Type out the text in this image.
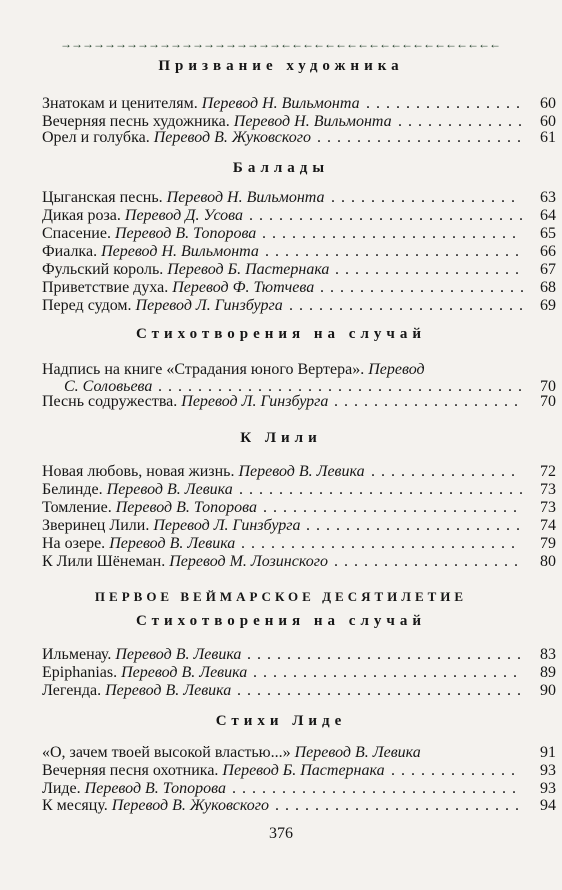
→→→→→→→→→→→→→→→→→→→→←←←←←←←←←←←←←←←←←←←←
Призвание художника
Знатокам и ценителям. Перевод Н. Вильмонта ................ 60
Вечерняя песнь художника. Перевод Н. Вильмонта ............. 60
Орел и голубка. Перевод В. Жуковского ..................... 61
Баллады
Цыганская песнь. Перевод Н. Вильмонта ...................	63
Дикая роза. Перевод Д. Усова ............................ 64
Спасение. Перевод В. Топорова ..........................	65
Фиалка. Перевод Н. Вильмонта .......................... 66
Фульский король. Перевод Б. Пастернака ................... 67
Приветствие духа. Перевод Ф. Тютчева ..................... 68
Перед судом. Перевод Л. Гинзбурга ........................ 69
Стихотворения на случай
Надпись на книге «Страдания юного Вертера». Перевод
С. Соловьева ..................................... 70
Песнь содружества. Перевод Л. Гинзбурга ...................	70
К Лили
Новая любовь, новая жизнь. Перевод В. Левика ...............	72
Белинде. Перевод В. Левика ............................. 73
Томление. Перевод В. Топорова ..........................	73
Зверинец Лили. Перевод Л. Гинзбурга ...................... 74
На озере. Перевод В. Левика ............................	79
К Лили Шёнеман. Перевод М. Лозинского ...................	80
ПЕРВОЕ ВЕЙМАРСКОЕ ДЕСЯТИЛЕТИЕ
Стихотворения на случай
Ильменау. Перевод В. Левика ............................ 83
Epiphanias. Перевод В. Левика ...........................	89
Легенда. Перевод В. Левика ............................. 90
Стихи Лиде
«О, зачем твоей высокой властью...» Перевод В. Левика	91
Вечерняя песня охотника. Перевод Б. Пастернака .............	93
Лиде. Перевод В. Топорова .............................	93
К месяцу. Перевод В. Жуковского ......................... 94
376
